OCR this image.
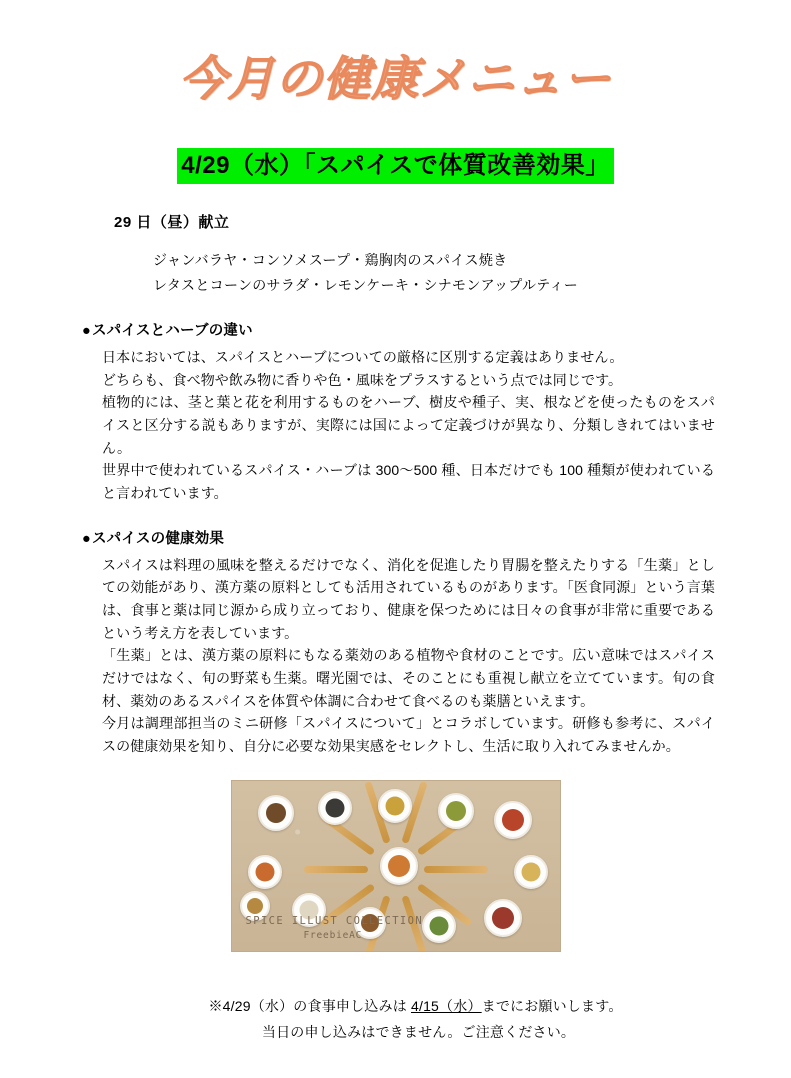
今月の健康メニュー
4/29（水）「スパイスで体質改善効果」
29 日（昼）献立
ジャンバラヤ・コンソメスープ・鶏胸肉のスパイス焼き
レタスとコーンのサラダ・レモンケーキ・シナモンアップルティー
●スパイスとハーブの違い

日本においては、スパイスとハーブについての厳格に区別する定義はありません。

どちらも、食べ物や飲み物に香りや色・風味をプラスするという点では同じです。

植物的には、茎と葉と花を利用するものをハーブ、樹皮や種子、実、根などを使ったものをスパイスと区分する説もありますが、実際には国によって定義づけが異なり、分類しきれてはいません。

世界中で使われているスパイス・ハーブは 300〜500 種、日本だけでも 100 種類が使われていると言われています。

●スパイスの健康効果

スパイスは料理の風味を整えるだけでなく、消化を促進したり胃腸を整えたりする「生薬」としての効能があり、漢方薬の原料としても活用されているものがあります。「医食同源」という言葉は、食事と薬は同じ源から成り立っており、健康を保つためには日々の食事が非常に重要であるという考え方を表しています。

「生薬」とは、漢方薬の原料にもなる薬効のある植物や食材のことです。広い意味ではスパイスだけではなく、旬の野菜も生薬。曙光園では、そのことにも重視し献立を立てています。旬の食材、薬効のあるスパイスを体質や体調に合わせて食べるのも薬膳といえます。

今月は調理部担当のミニ研修「スパイスについて」とコラボしています。研修も参考に、スパイスの健康効果を知り、自分に必要な効果実感をセレクトし、生活に取り入れてみませんか。

SPICE ILLUST COLLECTION
FreebieAC
※4/29（水）の食事申し込みは 4/15（水）までにお願いします。
当日の申し込みはできません。ご注意ください。
